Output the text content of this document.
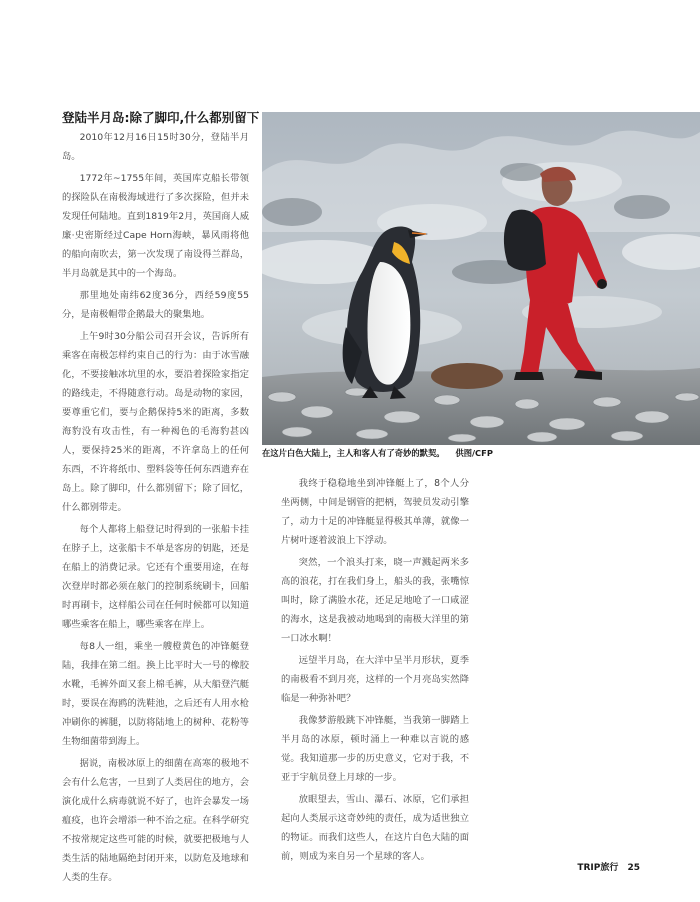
登陆半月岛:除了脚印,什么都别留下

2010年12月16日15时30分，登陆半月岛。

1772年~1755年间，英国库克船长带领的探险队在南极海域进行了多次探险，但并未发现任何陆地。直到1819年2月，英国商人威廉·史密斯经过Cape Horn海峡，暴风雨将他的船向南吹去，第一次发现了南设得兰群岛，半月岛就是其中的一个海岛。

那里地处南纬62度36分，西经59度55分，是南极帽带企鹅最大的聚集地。

上午9时30分船公司召开会议，告诉所有乘客在南极怎样约束自己的行为：由于冰雪融化，不要接触冰坑里的水，要沿着探险家指定的路线走，不得随意行动。岛是动物的家园，要尊重它们，要与企鹅保持5米的距离，多数海豹没有攻击性，有一种褐色的毛海豹甚凶人，要保持25米的距离，不许拿岛上的任何东西，不许将纸巾、塑料袋等任何东西遗弃在岛上。除了脚印，什么都别留下；除了回忆，什么都别带走。

每个人都将上船登记时得到的一张船卡挂在脖子上，这张船卡不单是客房的钥匙，还是在船上的消费记录。它还有个重要用途，在每次登岸时都必须在舷门的控制系统刷卡，回船时再刷卡，这样船公司在任何时候都可以知道哪些乘客在船上，哪些乘客在岸上。

每8人一组，乘坐一艘橙黄色的冲锋艇登陆，我排在第二组。换上比平时大一号的橡胶水靴，毛裤外面又套上棉毛裤，从大船登汽艇时，要误在海鸥的洗鞋池，之后还有人用水枪冲刷你的裤腿，以防将陆地上的树种、花粉等生物细菌带到海上。

据说，南极冰原上的细菌在高寒的极地不会有什么危害，一旦到了人类居住的地方，会演化成什么病毒就说不好了，也许会暴发一场瘟疫，也许会增添一种不治之症。在科学研究不按常规定这些可能的时候，就要把极地与人类生活的陆地隔绝封闭开来，以防危及地球和人类的生存。

在这片白色大陆上，主人和客人有了奇妙的默契。 供图/CFP

我终于稳稳地坐到冲锋艇上了，8个人分坐两侧，中间是钢管的把柄，驾驶员发动引擎了，动力十足的冲锋艇显得极其单薄，就像一片树叶逐着波浪上下浮动。

突然，一个浪头打来，晓一声溅起两米多高的浪花，打在我们身上，船头的我，张嘴惊叫时，除了满脸水花，还足足地呛了一口咸涩的海水，这是我被动地喝到的南极大洋里的第一口冰水啊！

远望半月岛，在大洋中呈半月形状，夏季的南极看不到月亮，这样的一个月亮岛实然降临是一种弥补吧？

我像梦游般跳下冲锋艇，当我第一脚踏上半月岛的冰原，顿时涌上一种难以言说的感觉。我知道那一步的历史意义，它对于我，不亚于宇航员登上月球的一步。

放眼望去，雪山、瀑石、冰原，它们承担起向人类展示这奇妙纯的责任，成为适世独立的物证。而我们这些人，在这片白色大陆的面前，则成为来自另一个星球的客人。

TRIP旅行 25
